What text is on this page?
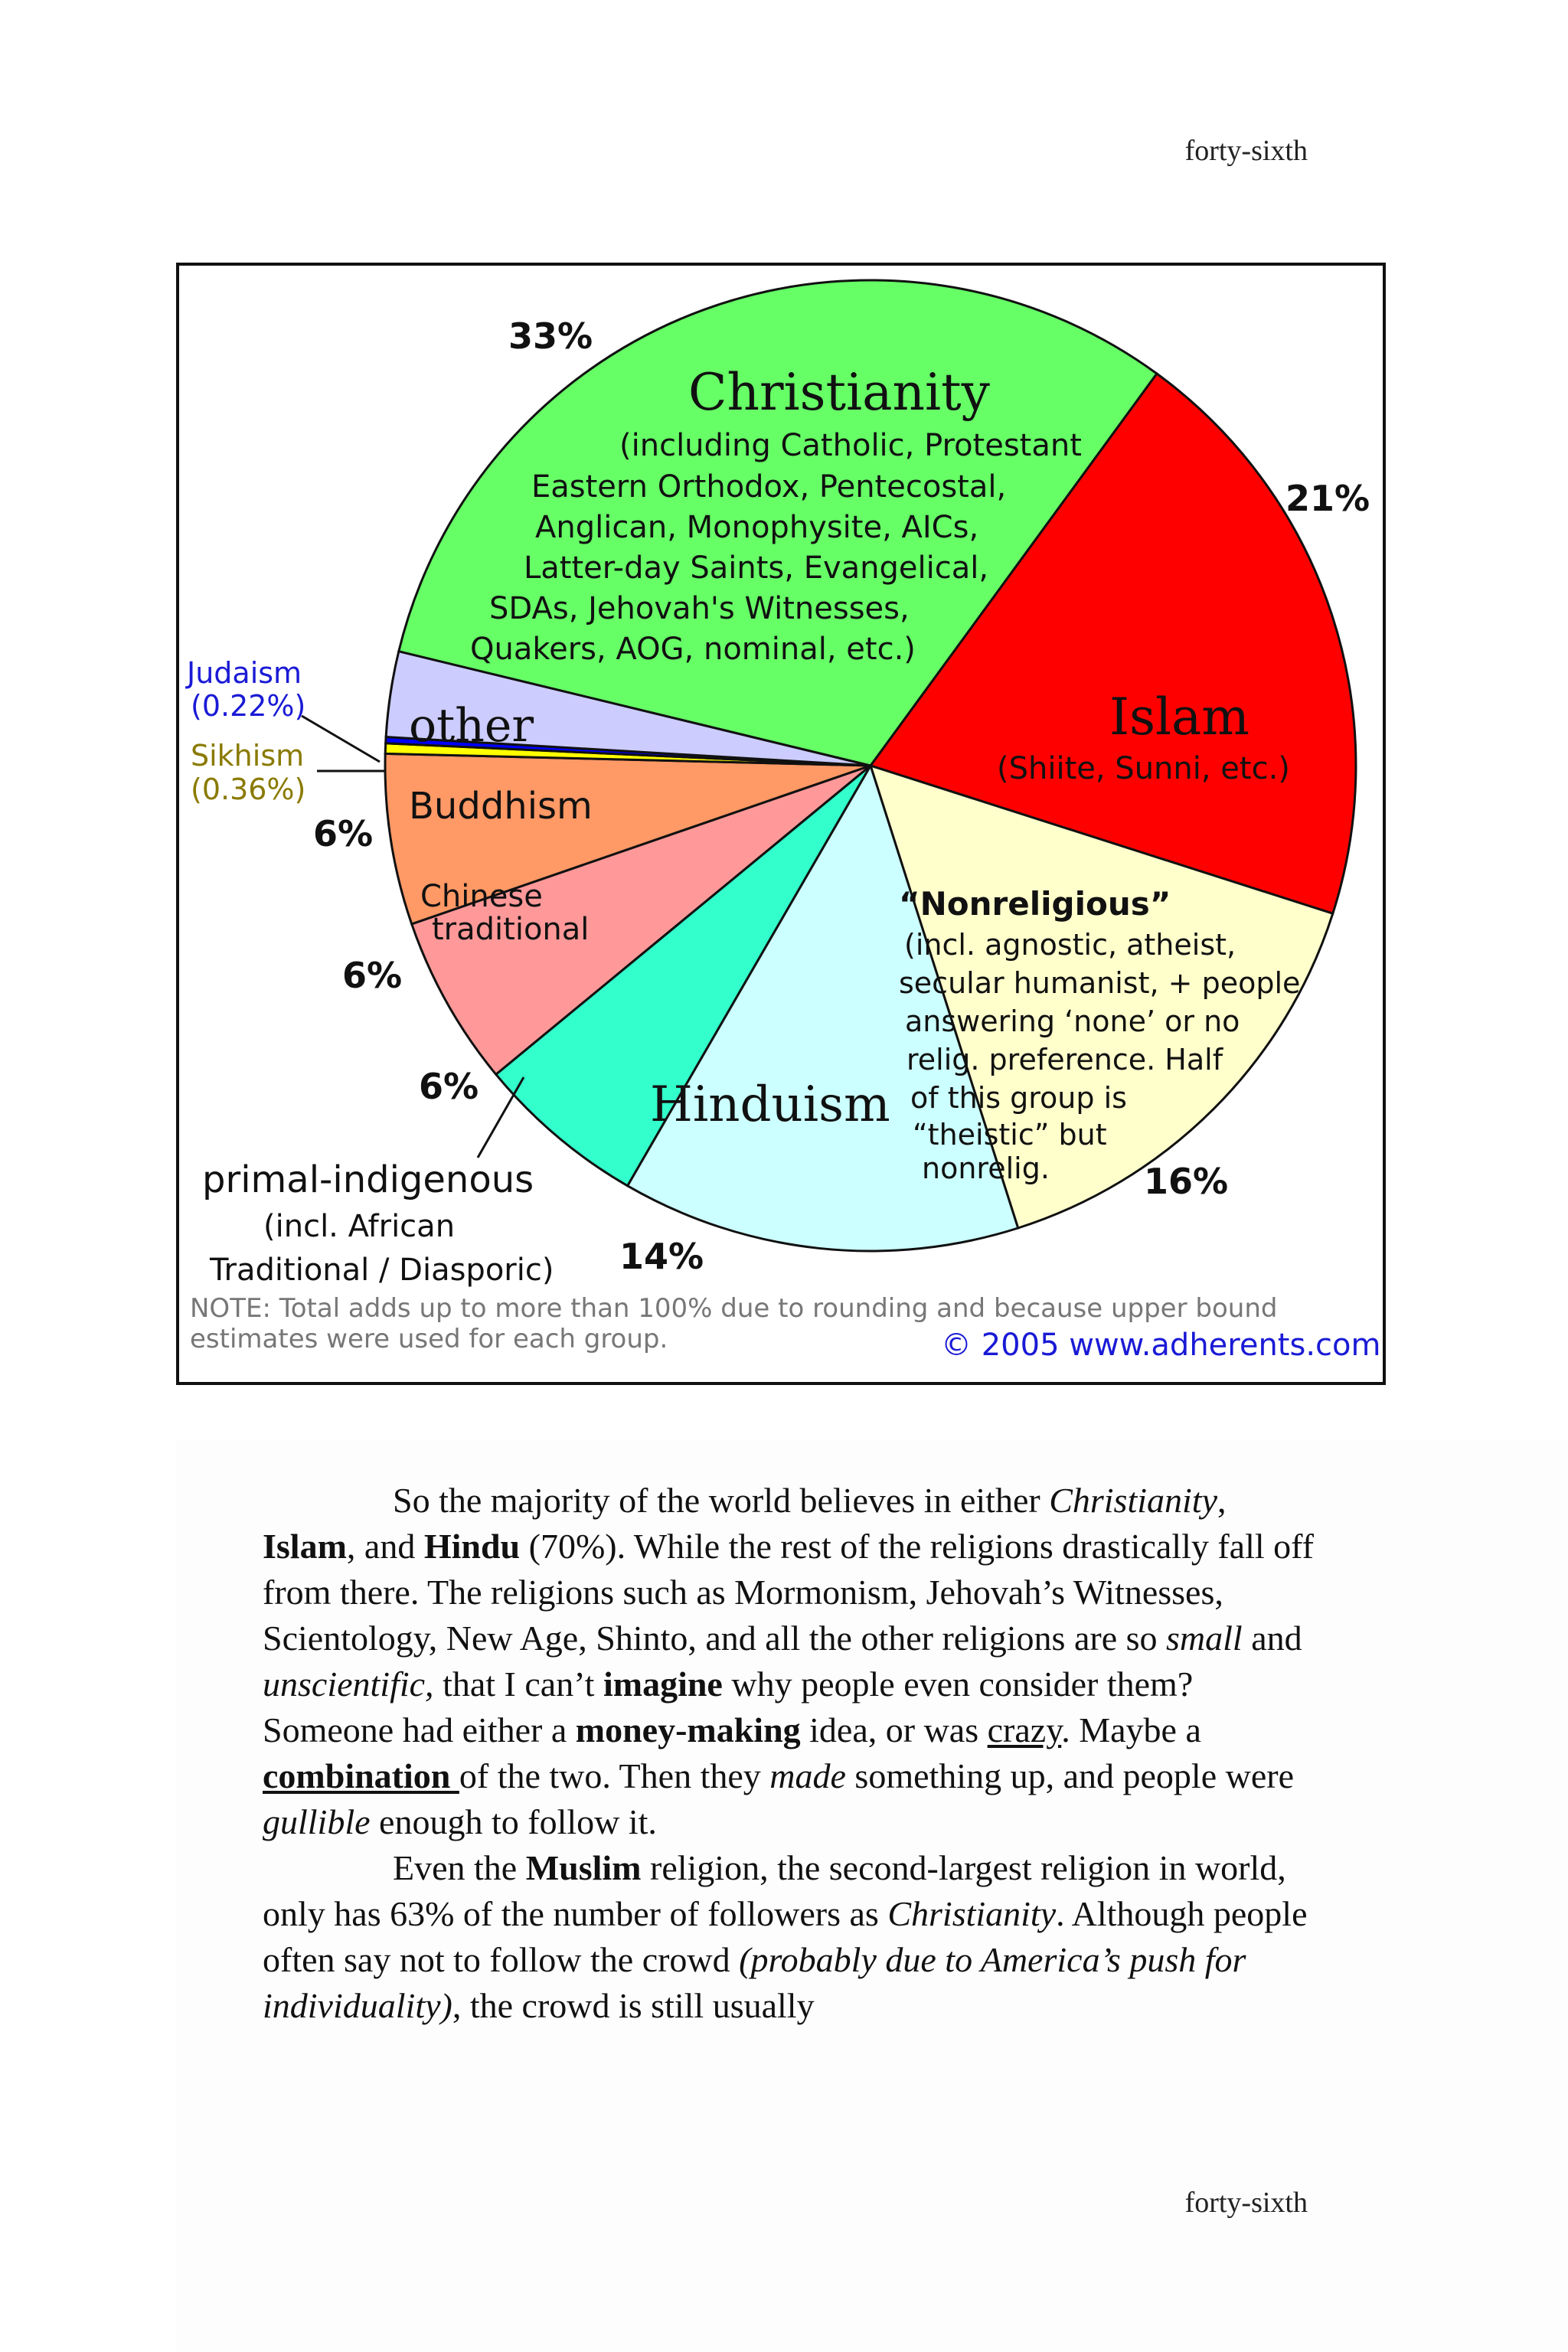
forty-sixth
33%
Christianity
(including Catholic, Protestant
Eastern Orthodox, Pentecostal,
Anglican, Monophysite, AICs,
Latter-day Saints, Evangelical,
SDAs, Jehovah's Witnesses,
Quakers, AOG, nominal, etc.)
21%
Islam
(Shiite, Sunni, etc.)
“Nonreligious”
(incl. agnostic, atheist,
secular humanist, + people
answering ‘none’ or no
relig. preference. Half
of this group is
“theistic” but
nonrelig.	16%
Hinduism
14%
6%
primal-indigenous
(incl. African
Traditional / Diasporic)
6%
Chinese
traditional
6%
Buddhism
other
Judaism
(0.22%)
Sikhism
(0.36%)
NOTE: Total adds up to more than 100% due to rounding and because upper bound
estimates were used for each group.	© 2005 www.adherents.com

So the majority of the world believes in either Christianity, Islam, and Hindu (70%). While the rest of the religions drastically fall off from there. The religions such as Mormonism, Jehovah’s Witnesses, Scientology, New Age, Shinto, and all the other religions are so small and unscientific, that I can’t imagine why people even consider them? Someone had either a money-making idea, or was crazy. Maybe a combination of the two. Then they made something up, and people were gullible enough to follow it.

Even the Muslim religion, the second-largest religion in world, only has 63% of the number of followers as Christianity. Although people often say not to follow the crowd (probably due to America’s push for individuality), the crowd is still usually

forty-sixth
